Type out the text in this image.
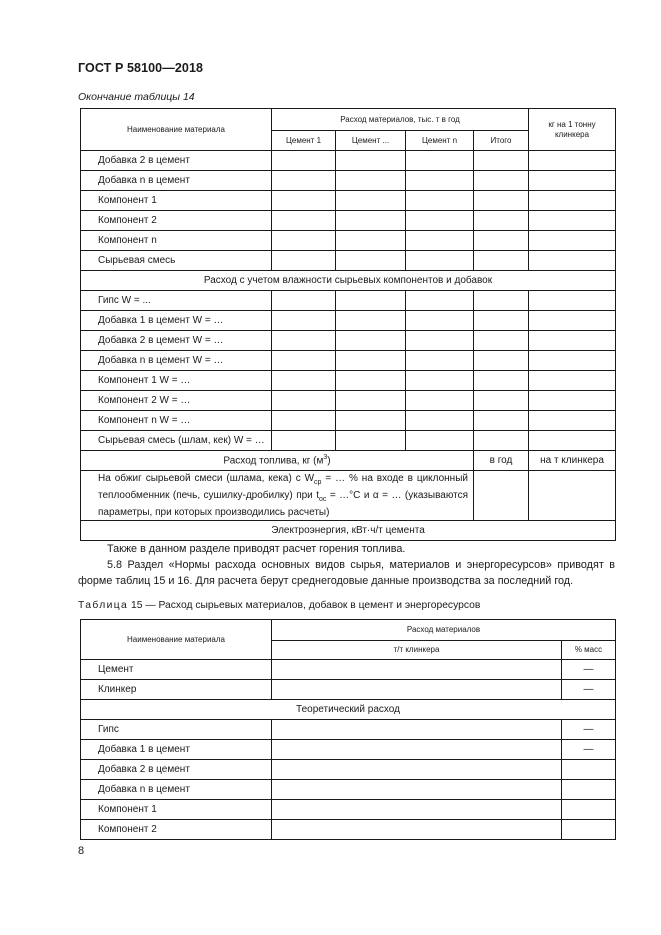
ГОСТ Р 58100—2018
Окончание таблицы 14
Наименование материала	Расход материалов, тыс. т в год				кг на 1 тонну клинкера
	Цемент 1	Цемент ...	Цемент n	Итого	
Добавка 2 в цемент					
Добавка n в цемент					
Компонент 1					
Компонент 2					
Компонент n					
Сырьевая смесь					
Расход с учетом влажности сырьевых компонентов и добавок					
Гипс W = ...					
Добавка 1 в цемент W = …					
Добавка 2 в цемент W = …					
Добавка n в цемент W = …					
Компонент 1 W = …					
Компонент 2 W = …					
Компонент n W = …					
Сырьевая смесь (шлам, кек) W = …					
Расход топлива, кг $(м^3)$				в год	на т клинкера
На обжиг сырьевой смеси (шлама, кека) с $W_{ср}$ = … % на входе в циклонный теплообменник (печь, сушилку-дробилку) при $t_{ос}$ = …°С и α = … (указываются параметры, при которых производились расчеты)					
Электроэнергия, кВт·ч/т цемента					
Также в данном разделе приводят расчет горения топлива.
5.8 Раздел «Нормы расхода основных видов сырья, материалов и энергоресурсов» приводят в форме таблиц 15 и 16. Для расчета берут среднегодовые данные производства за последний год.
Таблица 15 — Расход сырьевых материалов, добавок в цемент и энергоресурсов
Наименование материала	Расход материалов	
	т/т клинкера	% масс
Цемент		—
Клинкер		—
Теоретический расход		
Гипс		—
Добавка 1 в цемент		—
Добавка 2 в цемент		
Добавка n в цемент		
Компонент 1		
Компонент 2		
8
